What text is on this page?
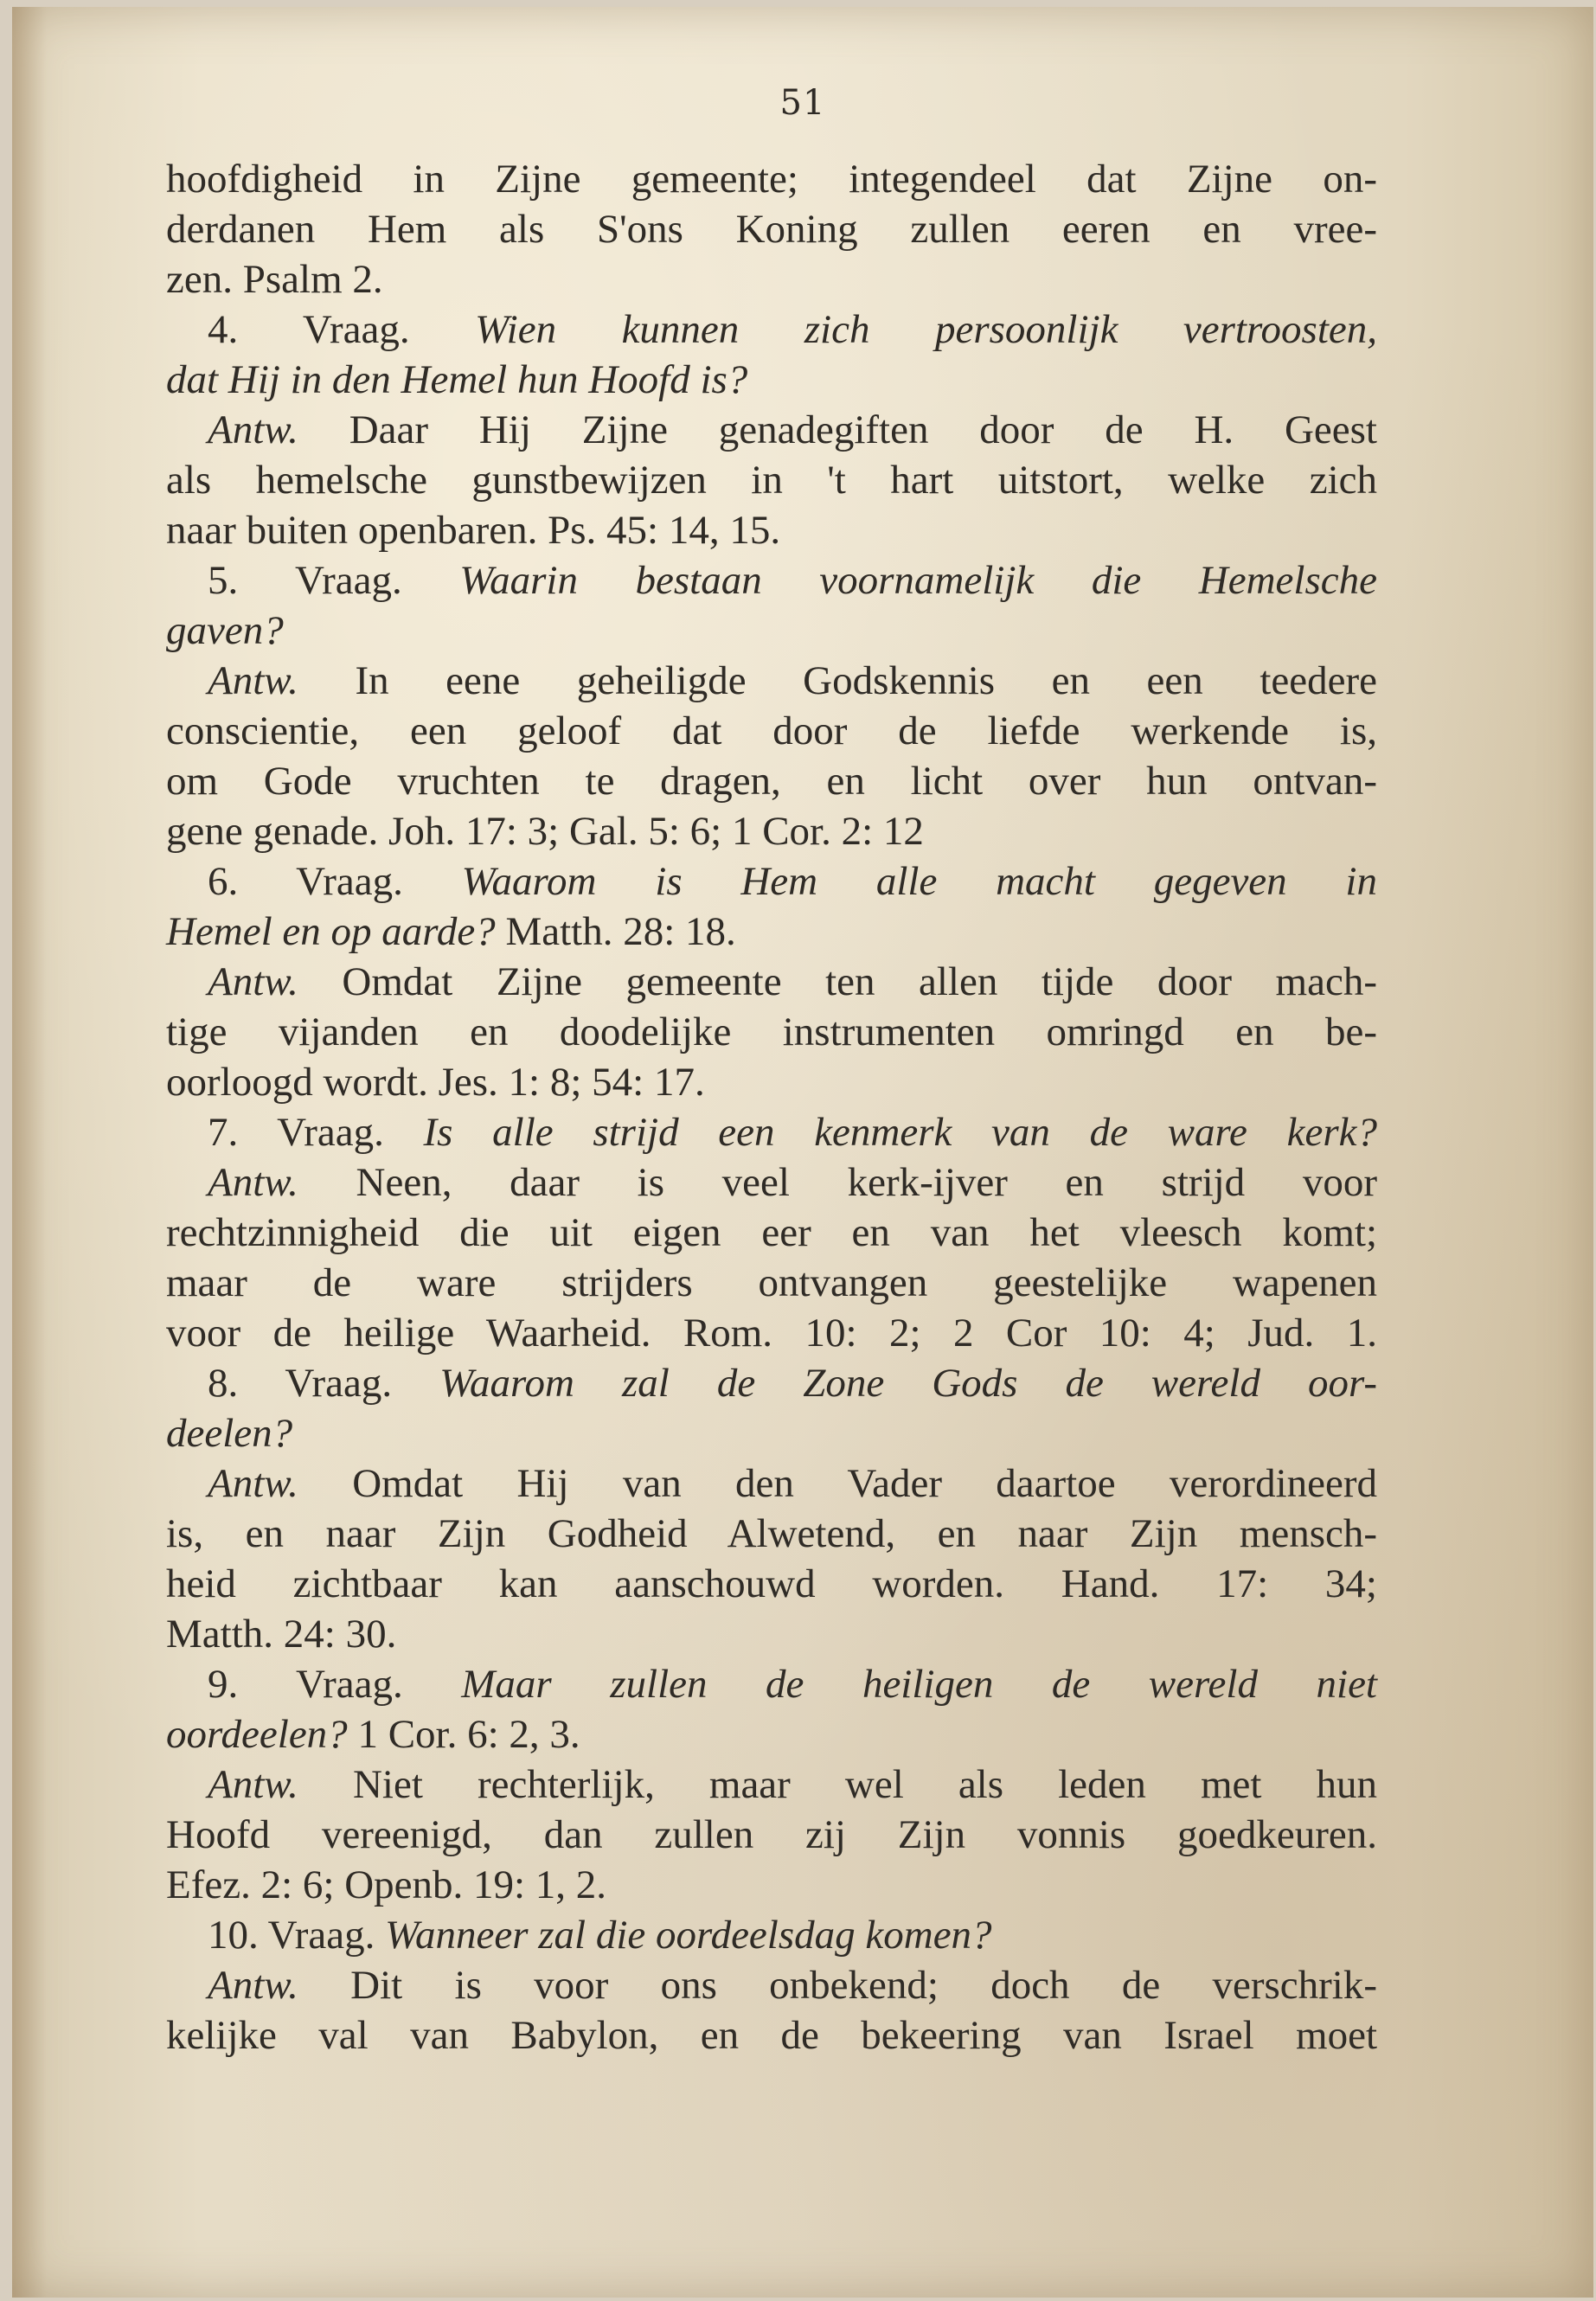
51
hoofdigheid in Zijne gemeente; integendeel dat Zijne on-
derdanen Hem als S'ons Koning zullen eeren en vree-
zen. Psalm 2.
4. Vraag. Wien kunnen zich persoonlijk vertroosten,
dat Hij in den Hemel hun Hoofd is?
Antw. Daar Hij Zijne genadegiften door de H. Geest
als hemelsche gunstbewijzen in 't hart uitstort, welke zich
naar buiten openbaren. Ps. 45: 14, 15.
5. Vraag. Waarin bestaan voornamelijk die Hemelsche
gaven?
Antw. In eene geheiligde Godskennis en een teedere
conscientie, een geloof dat door de liefde werkende is,
om Gode vruchten te dragen, en licht over hun ontvan-
gene genade. Joh. 17: 3; Gal. 5: 6; 1 Cor. 2: 12
6. Vraag. Waarom is Hem alle macht gegeven in
Hemel en op aarde? Matth. 28: 18.
Antw. Omdat Zijne gemeente ten allen tijde door mach-
tige vijanden en doodelijke instrumenten omringd en be-
oorloogd wordt. Jes. 1: 8; 54: 17.
7. Vraag. Is alle strijd een kenmerk van de ware kerk?
Antw. Neen, daar is veel kerk-ijver en strijd voor
rechtzinnigheid die uit eigen eer en van het vleesch komt;
maar de ware strijders ontvangen geestelijke wapenen
voor de heilige Waarheid. Rom. 10: 2; 2 Cor 10: 4; Jud. 1.
8. Vraag. Waarom zal de Zone Gods de wereld oor-
deelen?
Antw. Omdat Hij van den Vader daartoe verordineerd
is, en naar Zijn Godheid Alwetend, en naar Zijn mensch-
heid zichtbaar kan aanschouwd worden. Hand. 17: 34;
Matth. 24: 30.
9. Vraag. Maar zullen de heiligen de wereld niet
oordeelen? 1 Cor. 6: 2, 3.
Antw. Niet rechterlijk, maar wel als leden met hun
Hoofd vereenigd, dan zullen zij Zijn vonnis goedkeuren.
Efez. 2: 6; Openb. 19: 1, 2.
10. Vraag. Wanneer zal die oordeelsdag komen?
Antw. Dit is voor ons onbekend; doch de verschrik-
kelijke val van Babylon, en de bekeering van Israel moet
